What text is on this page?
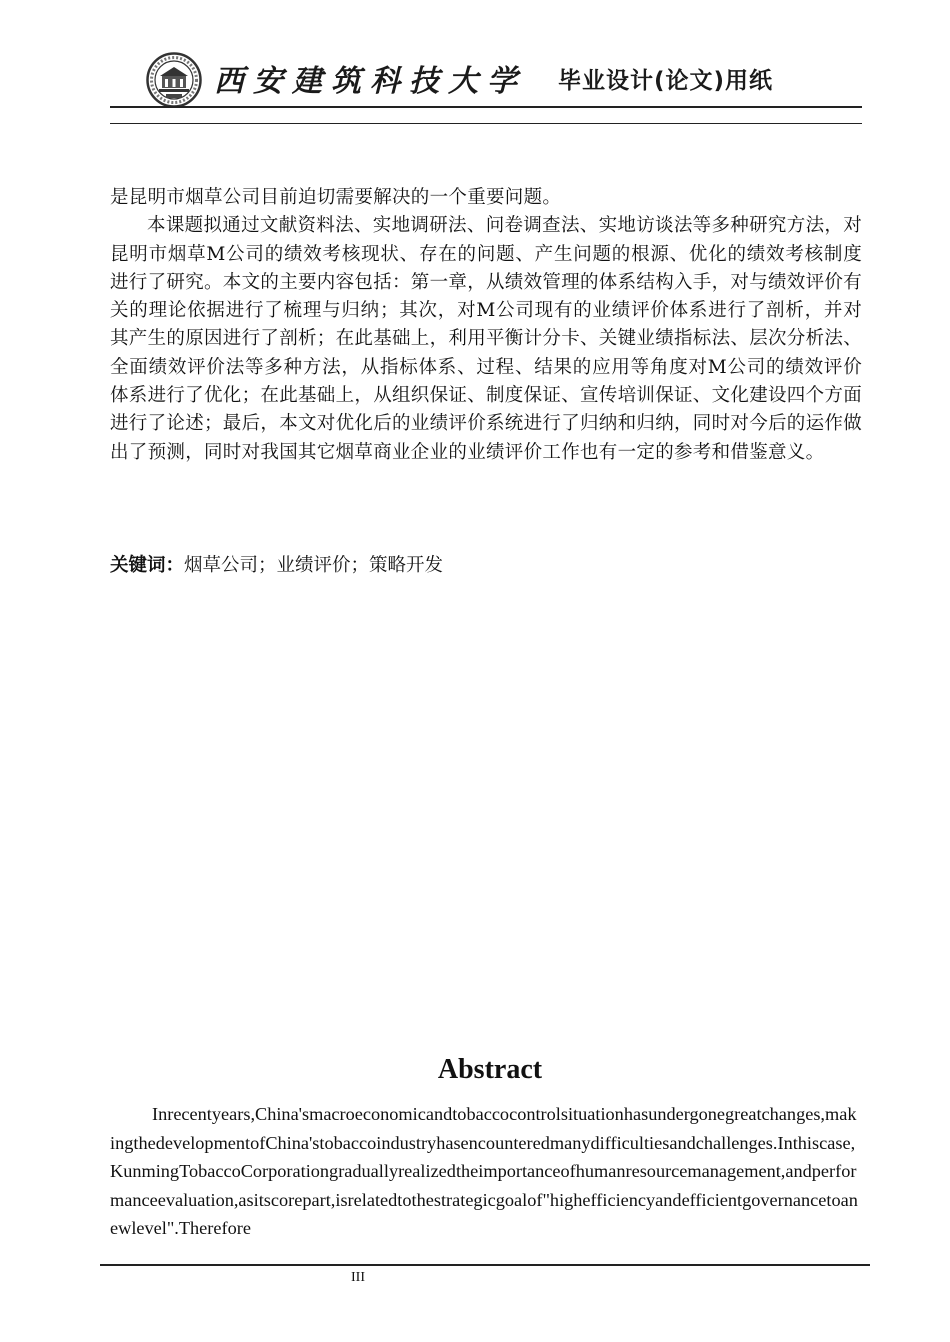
西安建筑科技大学 毕业设计(论文)用纸

是昆明市烟草公司目前迫切需要解决的一个重要问题。

本课题拟通过文献资料法、实地调研法、问卷调查法、实地访谈法等多种研究方法，对昆明市烟草M公司的绩效考核现状、存在的问题、产生问题的根源、优化的绩效考核制度进行了研究。本文的主要内容包括：第一章，从绩效管理的体系结构入手，对与绩效评价有关的理论依据进行了梳理与归纳；其次，对M公司现有的业绩评价体系进行了剖析，并对其产生的原因进行了剖析；在此基础上，利用平衡计分卡、关键业绩指标法、层次分析法、全面绩效评价法等多种方法，从指标体系、过程、结果的应用等角度对M公司的绩效评价体系进行了优化；在此基础上，从组织保证、制度保证、宣传培训保证、文化建设四个方面进行了论述；最后，本文对优化后的业绩评价系统进行了归纳和归纳，同时对今后的运作做出了预测，同时对我国其它烟草商业企业的业绩评价工作也有一定的参考和借鉴意义。

关键词：烟草公司；业绩评价；策略开发
Abstract
Inrecentyears,China'smacroeconomicandtobaccocontrolsituationhasundergonegreatchanges,makingthedevelopmentofChina'stobaccoindustryhasencounteredmanydifficultiesandchallenges.Inthiscase,KunmingTobaccoCorporationgraduallyrealizedtheimportanceofhumanresourcemanagement,andperformanceevaluation,asitscorepart,isrelatedtothestrategicgoalof"highefficiencyandefficientgovernancetoanewlevel".Therefore
III
